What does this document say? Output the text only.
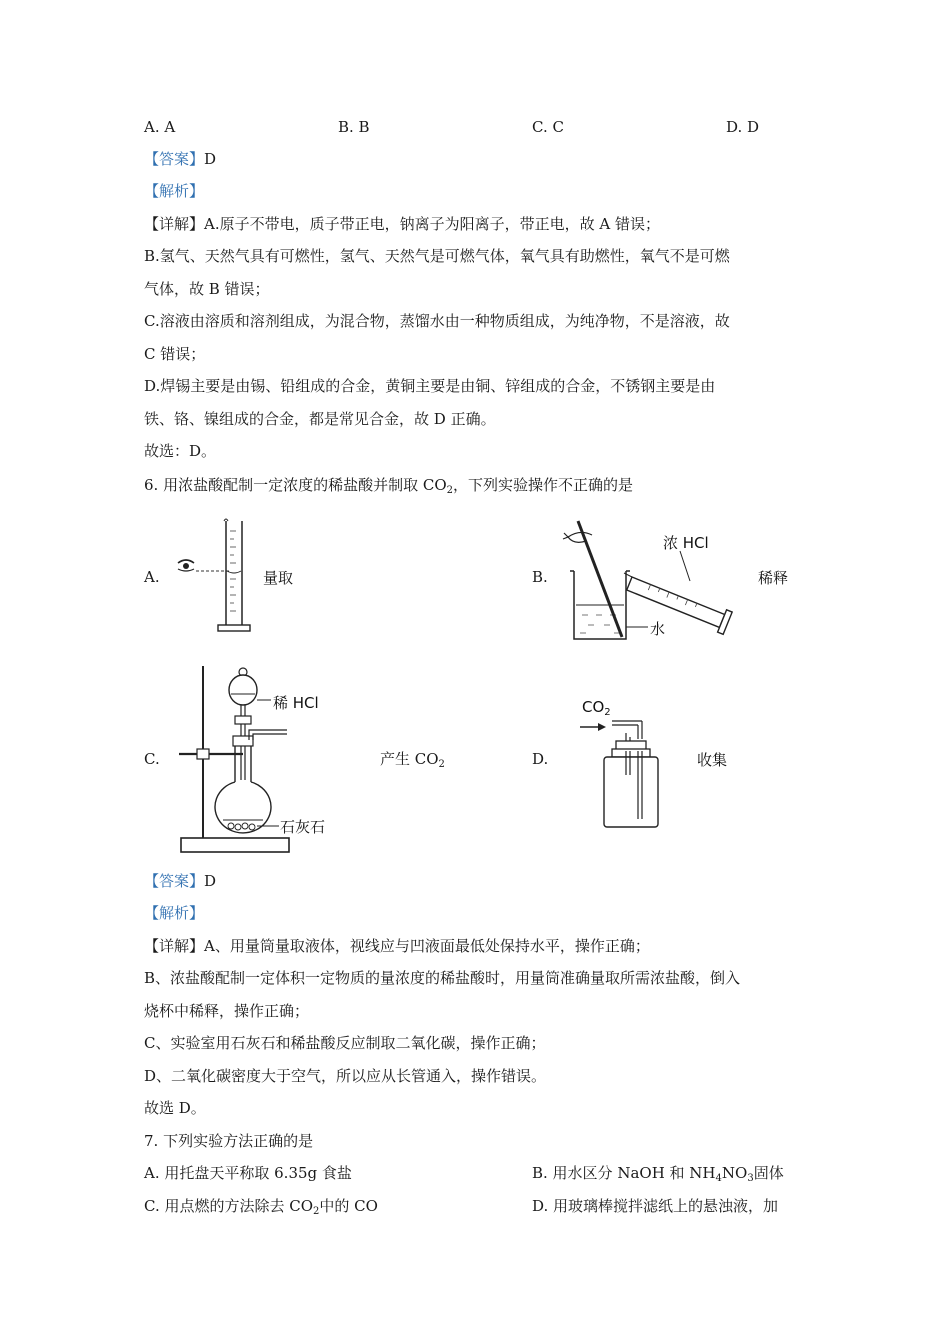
A. A	B. B	C. C	D. D
【答案】D
【解析】
【详解】A.原子不带电，质子带正电，钠离子为阳离子，带正电，故 A 错误；
B.氢气、天然气具有可燃性，氢气、天然气是可燃气体，氧气具有助燃性，氧气不是可燃
气体，故 B 错误；
C.溶液由溶质和溶剂组成，为混合物，蒸馏水由一种物质组成，为纯净物，不是溶液，故
C 错误；
D.焊锡主要是由锡、铅组成的合金，黄铜主要是由铜、锌组成的合金，不锈钢主要是由
铁、铬、镍组成的合金，都是常见合金，故 D 正确。
故选：D。
6. 用浓盐酸配制一定浓度的稀盐酸并制取 $CO_2$，下列实验操作不正确的是
A.	量取	B.
浓 HCl
水
稀释
C.
稀 HCl
石灰石
产生 $CO_2$	D.
$CO_2$
收集
【答案】D
【解析】
【详解】A、用量筒量取液体，视线应与凹液面最低处保持水平，操作正确；
B、浓盐酸配制一定体积一定物质的量浓度的稀盐酸时，用量筒准确量取所需浓盐酸，倒入
烧杯中稀释，操作正确；
C、实验室用石灰石和稀盐酸反应制取二氧化碳，操作正确；
D、二氧化碳密度大于空气，所以应从长管通入，操作错误。
故选 D。
7. 下列实验方法正确的是
A. 用托盘天平称取 6.35g 食盐	B. 用水区分 NaOH 和 $NH_4NO_3$固体
C. 用点燃的方法除去 $CO_2$中的 CO	D. 用玻璃棒搅拌滤纸上的悬浊液，加
